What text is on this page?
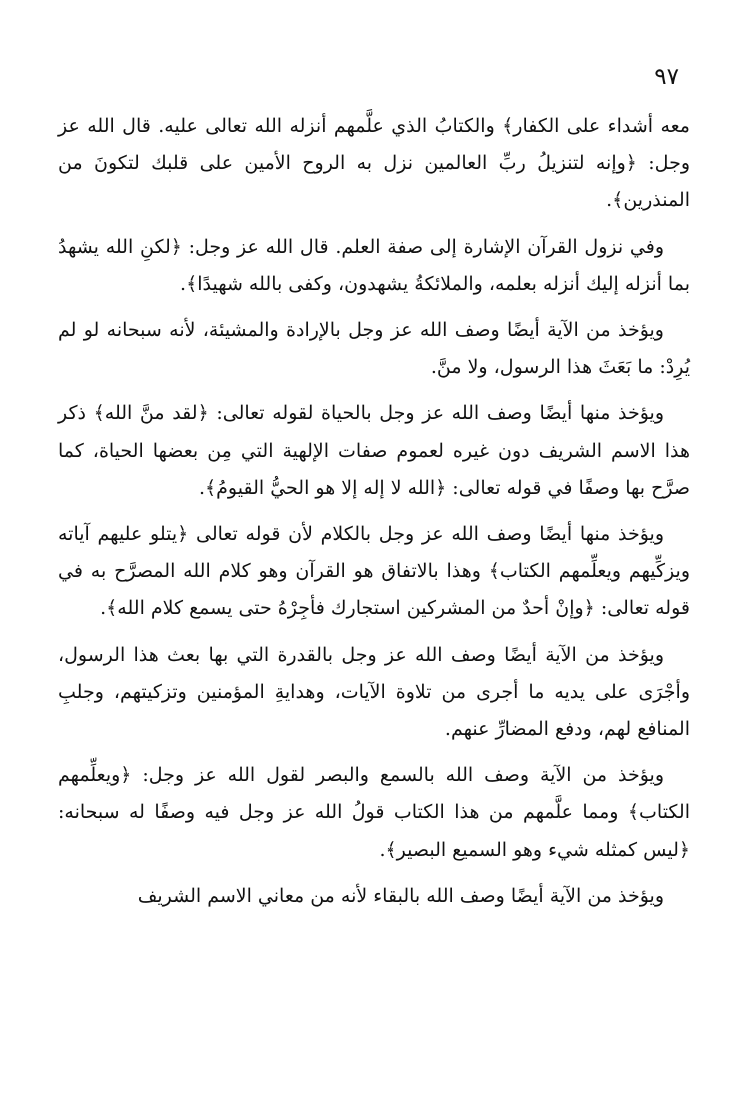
٩٧

معه أشداء على الكفار﴾ والكتابُ الذي علَّمهم أنزله الله تعالى عليه. قال الله عز وجل: ﴿وإنه لتنزيلُ ربِّ العالمين نزل به الروح الأمين على قلبك لتكونَ من المنذرين﴾.

وفي نزول القرآن الإشارة إلى صفة العلم. قال الله عز وجل: ﴿لكنِ الله يشهدُ بما أنزله إليك أنزله بعلمه، والملائكةُ يشهدون، وكفى بالله شهيدًا﴾.

ويؤخذ من الآية أيضًا وصف الله عز وجل بالإرادة والمشيئة، لأنه سبحانه لو لم يُرِدْ: ما بَعَثَ هذا الرسول، ولا منَّ.

ويؤخذ منها أيضًا وصف الله عز وجل بالحياة لقوله تعالى: ﴿لقد منَّ الله﴾ ذكر هذا الاسم الشريف دون غيره لعموم صفات الإلهية التي مِن بعضها الحياة، كما صرَّح بها وصفًا في قوله تعالى: ﴿الله لا إله إلا هو الحيُّ القيومُ﴾.

ويؤخذ منها أيضًا وصف الله عز وجل بالكلام لأن قوله تعالى ﴿يتلو عليهم آياته ويزكِّيهم ويعلِّمهم الكتاب﴾ وهذا بالاتفاق هو القرآن وهو كلام الله المصرَّح به في قوله تعالى: ﴿وإنْ أحدٌ من المشركين استجارك فأجِرْهُ حتى يسمع كلام الله﴾.

ويؤخذ من الآية أيضًا وصف الله عز وجل بالقدرة التي بها بعث هذا الرسول، وأجْرَى على يديه ما أجرى من تلاوة الآيات، وهدايةِ المؤمنين وتزكيتهم، وجلبِ المنافع لهم، ودفع المضارِّ عنهم.

ويؤخذ من الآية وصف الله بالسمع والبصر لقول الله عز وجل: ﴿ويعلِّمهم الكتاب﴾ ومما علَّمهم من هذا الكتاب قولُ الله عز وجل فيه وصفًا له سبحانه: ﴿ليس كمثله شيء وهو السميع البصير﴾.

ويؤخذ من الآية أيضًا وصف الله بالبقاء لأنه من معاني الاسم الشريف
